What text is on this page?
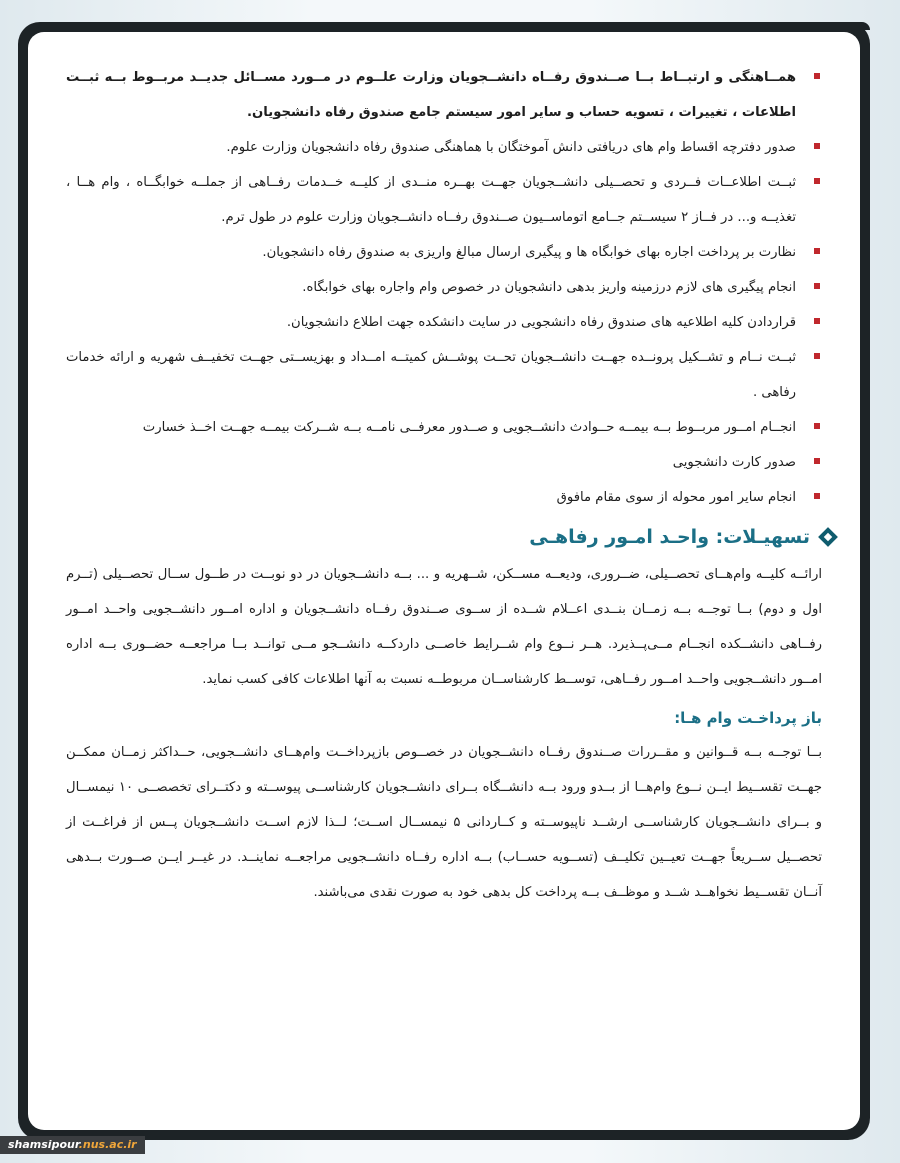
همــاهنگی و ارتبــاط بــا صــندوق رفــاه دانشــجویان وزارت علــوم در مــورد مســائل جدیــد مربــوط بــه ثبــت اطلاعات ، تغییرات ، تسویه حساب و سایر امور سیستم جامع صندوق رفاه دانشجویان.
صدور دفترچه اقساط وام های دریافتی دانش آموختگان با هماهنگی صندوق رفاه دانشجویان وزارت علوم.
ثبــت اطلاعــات فــردی و تحصــیلی دانشــجویان جهــت بهــره منــدی از کلیــه خــدمات رفــاهی از جملــه خوابگــاه ، وام هــا ، تغذیــه و... در فــاز ۲ سیســتم جــامع اتوماســیون صــندوق رفــاه دانشــجویان وزارت علوم در طول ترم.
نظارت بر پرداخت اجاره بهای خوابگاه ها و پیگیری ارسال مبالغ واریزی به صندوق رفاه دانشجویان.
انجام پیگیری های لازم درزمینه واریز بدهی دانشجویان در خصوص وام واجاره بهای خوابگاه.
قراردادن کلیه اطلاعیه های صندوق رفاه دانشجویی در سایت دانشکده جهت اطلاع دانشجویان.
ثبــت نــام و تشــکیل پرونــده جهــت دانشــجویان تحــت پوشــش کمیتــه امــداد و بهزیســتی جهــت تخفیــف شهریه و ارائه خدمات رفاهی .
انجــام امــور مربــوط بــه بیمــه حــوادث دانشــجویی و صــدور معرفــی نامــه بــه شــرکت بیمــه جهــت اخــذ خسارت
صدور کارت دانشجویی
انجام سایر امور محوله از سوی مقام مافوق
تسهیـلات: واحـد امـور رفاهـی

ارائــه کلیــه وام‌هــای تحصــیلی، ضــروری، ودیعــه مســکن، شــهریه و ... بــه دانشــجویان در دو نوبــت در طــول ســال تحصــیلی (تــرم اول و دوم) بــا توجــه بــه زمــان بنــدی اعــلام شــده از ســوی صــندوق رفــاه دانشــجویان و اداره امــور دانشــجویی واحــد امــور رفــاهی دانشــکده انجــام مــی‌پــذیرد. هــر نــوع وام شــرایط خاصــی داردکــه دانشــجو مــی توانــد بــا مراجعــه حضــوری بــه اداره امــور دانشــجویی واحــد امــور رفــاهی، توســط کارشناســان مربوطــه نسبت به آنها اطلاعات کافی کسب نمايد.

باز پرداخـت وام هـا:

بــا توجــه بــه قــوانین و مقــررات صــندوق رفــاه دانشــجویان در خصــوص بازپرداخــت وام‌هــای دانشــجویی، حــداکثر زمــان ممکــن جهــت تقســیط ایــن نــوع وام‌هــا از بــدو ورود بــه دانشــگاه بــرای دانشــجویان کارشناســی پیوســته و دکتــرای تخصصــی ۱۰ نیمســال و بــرای دانشــجویان کارشناســی ارشــد ناپیوســته و کــاردانی ۵ نیمســال اســت؛ لــذا لازم اســت دانشــجویان پــس از فراغــت از تحصــیل ســریعاً جهــت تعیــین تکلیــف (تســویه حســاب) بــه اداره رفــاه دانشــجویی مراجعــه نماینــد. در غیــر ایــن صــورت بــدهی آنــان تقســیط نخواهــد شــد و موظــف بــه پرداخت کل بدهی خود به صورت نقدی می‌باشند.

shamsipour.nus.ac.ir
